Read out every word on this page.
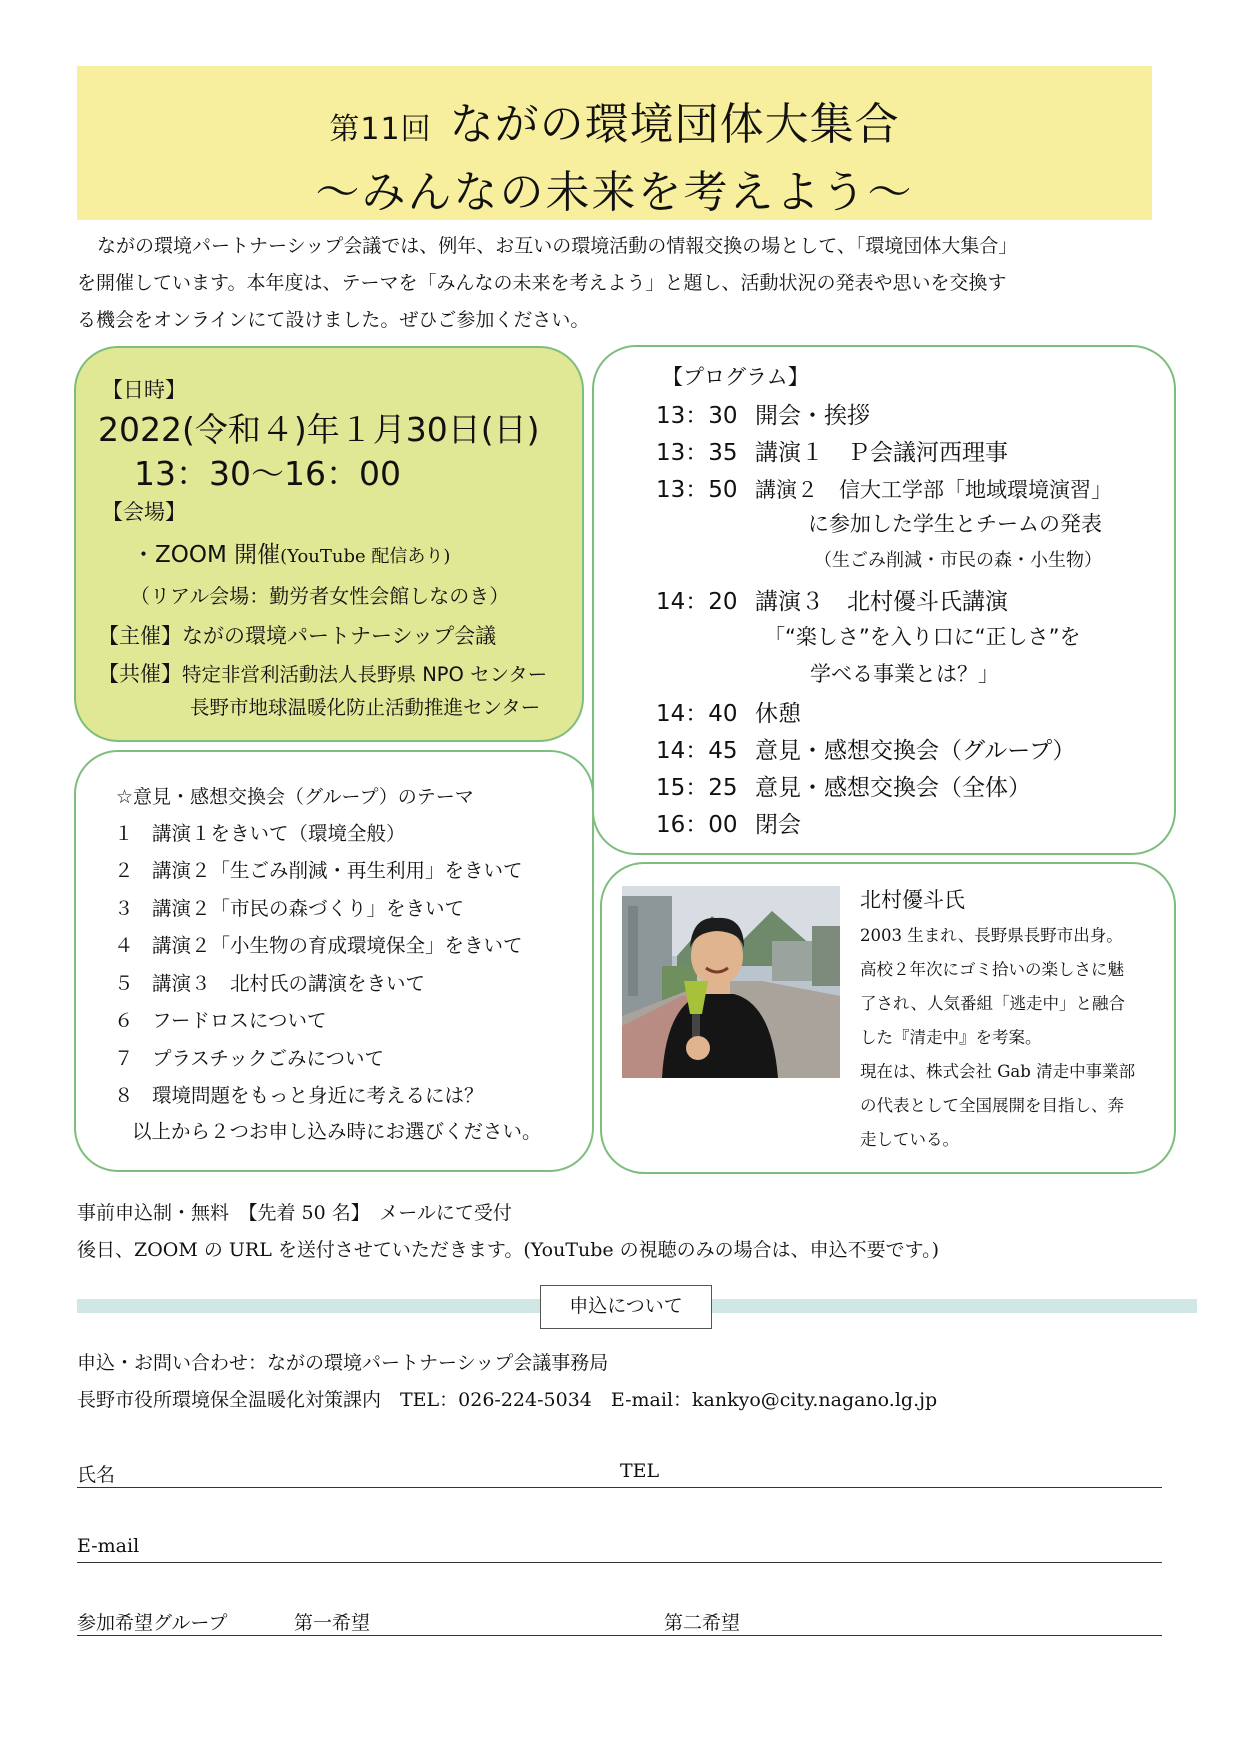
第11回 ながの環境団体大集合
〜みんなの未来を考えよう〜

ながの環境パートナーシップ会議では、例年、お互いの環境活動の情報交換の場として、「環境団体大集合」

を開催しています。本年度は、テーマを「みんなの未来を考えよう」と題し、活動状況の発表や思いを交換す
る機会をオンラインにて設けました。ぜひご参加ください。
【日時】
2022(令和４)年１月30日(日)
13：30〜16：00
【会場】
・ZOOM 開催(YouTube 配信あり)
（リアル会場：勤労者女性会館しなのき）
【主催】ながの環境パートナーシップ会議
【共催】特定非営利活動法人長野県 NPO センター
長野市地球温暖化防止活動推進センター
【プログラム】
13：30 開会・挨拶
13：35 講演１　Ｐ会議河西理事
13：50 講演２　信大工学部「地域環境演習」
に参加した学生とチームの発表
（生ごみ削減・市民の森・小生物）
14：20 講演３　北村優斗氏講演
「“楽しさ”を入り口に“正しさ”を
学べる事業とは？」
14：40 休憩
14：45 意見・感想交換会（グループ）
15：25 意見・感想交換会（全体）
16：00 閉会
☆意見・感想交換会（グループ）のテーマ
１ 講演１をきいて（環境全般）
２ 講演２「生ごみ削減・再生利用」をきいて
３ 講演２「市民の森づくり」をきいて
４ 講演２「小生物の育成環境保全」をきいて
５ 講演３　北村氏の講演をきいて
６ フードロスについて
７ プラスチックごみについて
８ 環境問題をもっと身近に考えるには？
以上から２つお申し込み時にお選びください。
北村優斗氏
2003 生まれ、長野県長野市出身。
高校２年次にゴミ拾いの楽しさに魅
了され、人気番組「逃走中」と融合
した『清走中』を考案。
現在は、株式会社 Gab 清走中事業部
の代表として全国展開を目指し、奔
走している。
事前申込制・無料　【先着 50 名】　メールにて受付
後日、ZOOM の URL を送付させていただきます。(YouTube の視聴のみの場合は、申込不要です。)
申込について
申込・お問い合わせ：ながの環境パートナーシップ会議事務局
長野市役所環境保全温暖化対策課内　TEL：026-224-5034　E-mail：kankyo@city.nagano.lg.jp
氏名	TEL
E-mail
参加希望グループ	第一希望	第二希望
